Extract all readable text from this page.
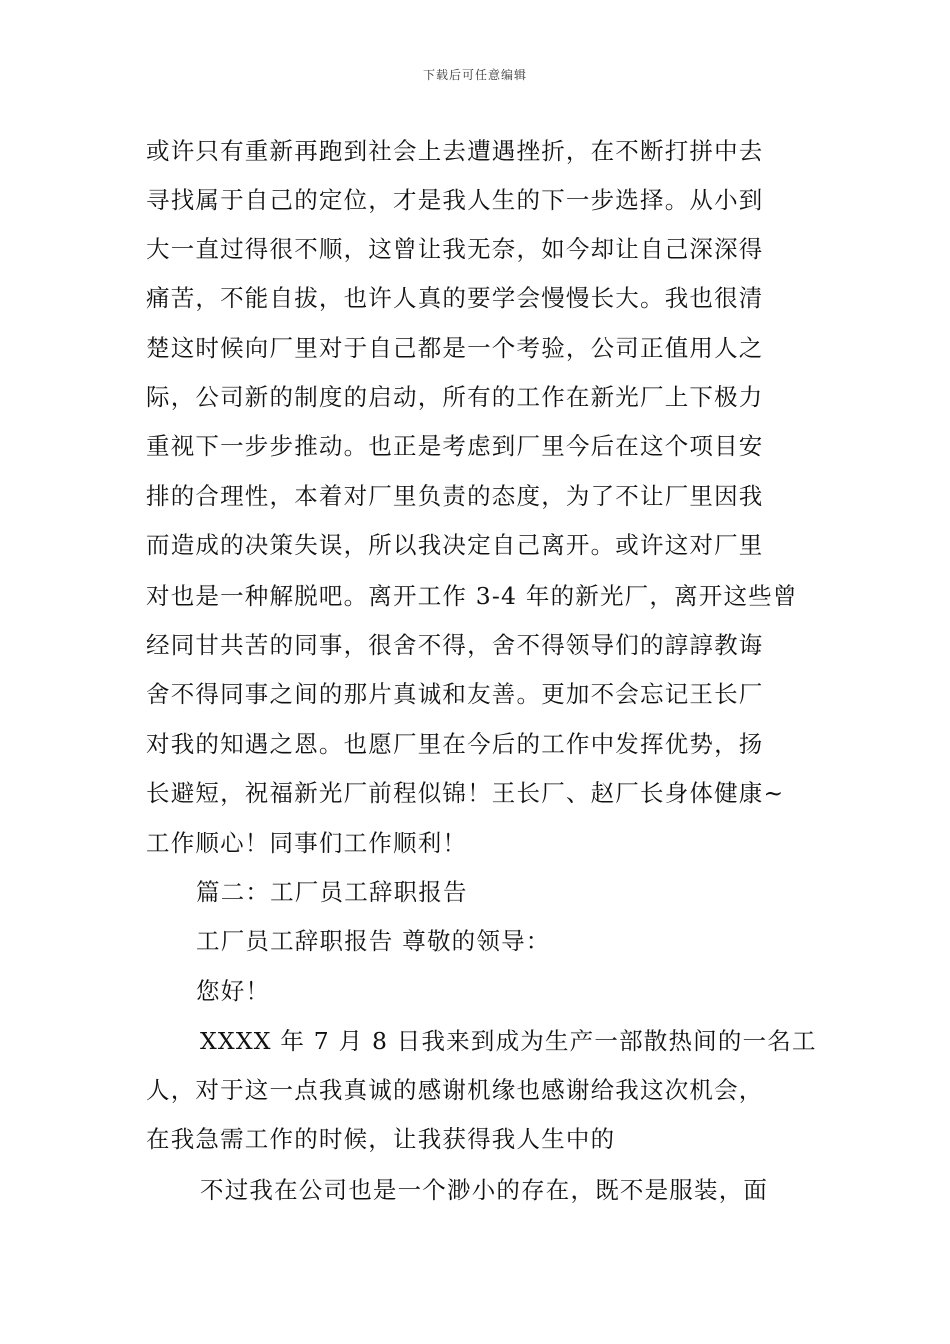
下载后可任意编辑
或许只有重新再跑到社会上去遭遇挫折，在不断打拼中去
寻找属于自己的定位，才是我人生的下一步选择。从小到
大一直过得很不顺，这曾让我无奈，如今却让自己深深得
痛苦，不能自拔，也许人真的要学会慢慢长大。我也很清
楚这时候向厂里对于自己都是一个考验，公司正值用人之
际，公司新的制度的启动，所有的工作在新光厂上下极力
重视下一步步推动。也正是考虑到厂里今后在这个项目安
排的合理性，本着对厂里负责的态度，为了不让厂里因我
而造成的决策失误，所以我决定自己离开。或许这对厂里
对也是一种解脱吧。离开工作 3-4 年的新光厂，离开这些曾
经同甘共苦的同事，很舍不得，舍不得领导们的諄諄教诲
舍不得同事之间的那片真诚和友善。更加不会忘记王长厂
对我的知遇之恩。也愿厂里在今后的工作中发挥优势，扬
长避短，祝福新光厂前程似锦！王长厂、赵厂长身体健康~
工作顺心！同事们工作顺利！
篇二：工厂员工辞职报告
工厂员工辞职报告 尊敬的领导：
您好！
XXXX 年 7 月 8 日我来到成为生产一部散热间的一名工
人，对于这一点我真诚的感谢机缘也感谢给我这次机会，
在我急需工作的时候，让我获得我人生中的
不过我在公司也是一个渺小的存在，既不是服装，面
